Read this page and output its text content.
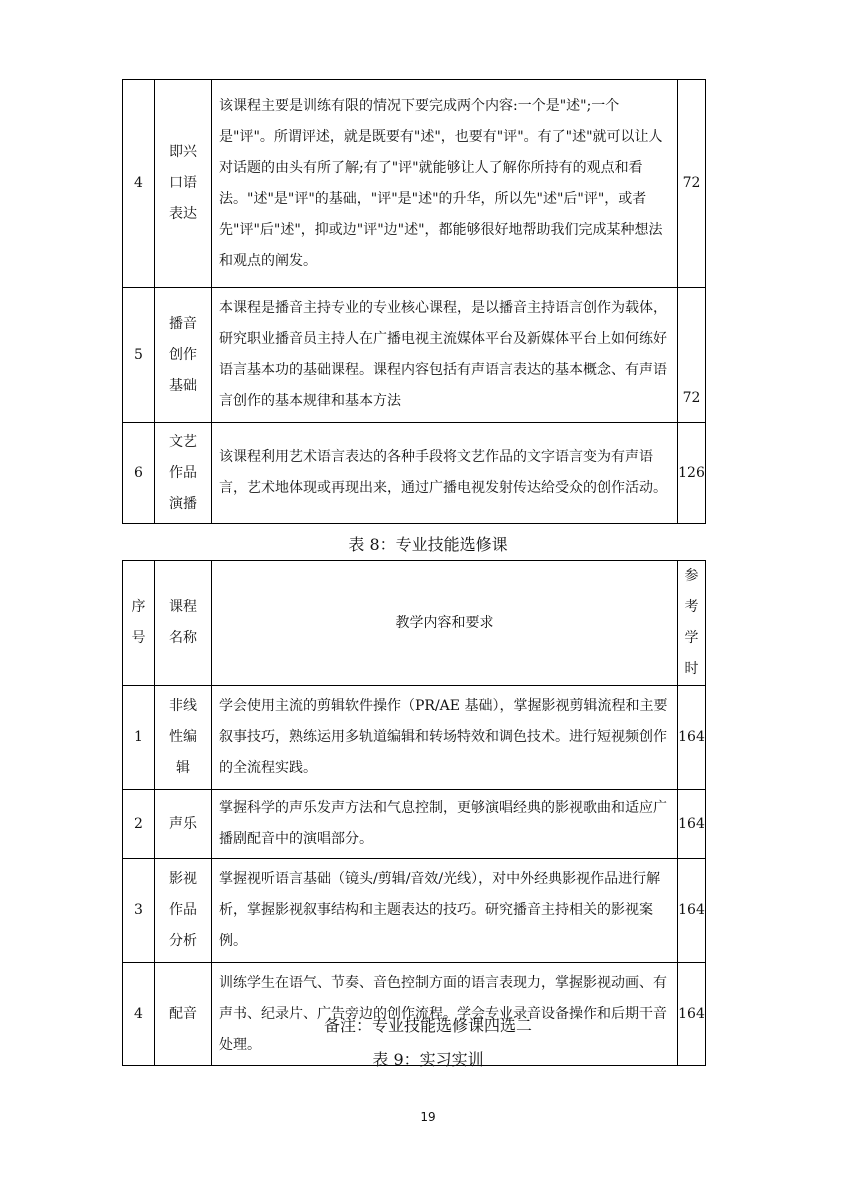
4	即兴
口语
表达	该课程主要是训练有限的情况下要完成两个内容:一个是"述";一个是"评"。所谓评述，就是既要有"述"，也要有"评"。有了"述"就可以让人对话题的由头有所了解;有了"评"就能够让人了解你所持有的观点和看法。"述"是"评"的基础，"评"是"述"的升华，所以先"述"后"评"，或者先"评"后"述"，抑或边"评"边"述"，都能够很好地帮助我们完成某种想法和观点的阐发。	72
5	播音
创作
基础	本课程是播音主持专业的专业核心课程，是以播音主持语言创作为载体，研究职业播音员主持人在广播电视主流媒体平台及新媒体平台上如何练好语言基本功的基础课程。课程内容包括有声语言表达的基本概念、有声语言创作的基本规律和基本方法	72
6	文艺
作品
演播	该课程利用艺术语言表达的各种手段将文艺作品的文字语言变为有声语言，艺术地体现或再现出来，通过广播电视发射传达给受众的创作活动。	126
表 8：专业技能选修课
序
号	课程
名称	教学内容和要求	参考
学时

1	非线
性编
辑	学会使用主流的剪辑软件操作（PR/AE 基础），掌握影视剪辑流程和主要叙事技巧，熟练运用多轨道编辑和转场特效和调色技术。进行短视频创作的全流程实践。	164
2	声乐	掌握科学的声乐发声方法和气息控制，更够演唱经典的影视歌曲和适应广播剧配音中的演唱部分。	164
3	影视
作品
分析	掌握视听语言基础（镜头/剪辑/音效/光线），对中外经典影视作品进行解析，掌握影视叙事结构和主题表达的技巧。研究播音主持相关的影视案例。	164
4	配音	训练学生在语气、节奏、音色控制方面的语言表现力，掌握影视动画、有声书、纪录片、广告旁边的创作流程。学会专业录音设备操作和后期干音处理。	164
备注：专业技能选修课四选二
表 9：实习实训
19
